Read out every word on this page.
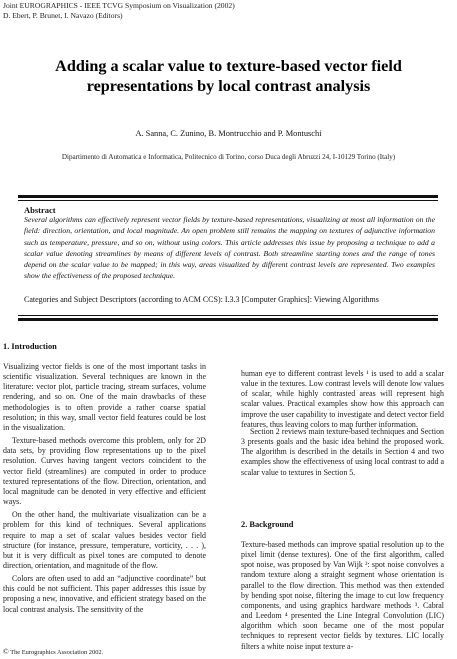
Joint EUROGRAPHICS - IEEE TCVG Symposium on Visualization (2002)
D. Ebert, P. Brunet, I. Navazo (Editors)
Adding a scalar value to texture-based vector field
representations by local contrast analysis
A. Sanna, C. Zunino, B. Montrucchio and P. Montuschi
Dipartimento di Automatica e Informatica, Politecnico di Torino, corso Duca degli Abruzzi 24, I-10129 Torino (Italy)
Abstract
Several algorithms can effectively represent vector fields by texture-based representations, visualizing at most all information on the field: direction, orientation, and local magnitude. An open problem still remains the mapping on textures of adjunctive information such as temperature, pressure, and so on, without using colors. This article addresses this issue by proposing a technique to add a scalar value denoting streamlines by means of different levels of contrast. Both streamline starting tones and the range of tones depend on the scalar value to be mapped; in this way, areas visualized by different contrast levels are represented. Two examples show the effectiveness of the proposed technique.
Categories and Subject Descriptors (according to ACM CCS): I.3.3 [Computer Graphics]: Viewing Algorithms
1. Introduction

Visualizing vector fields is one of the most important tasks in scientific visualization. Several techniques are known in the literature: vector plot, particle tracing, stream surfaces, volume rendering, and so on. One of the main drawbacks of these methodologies is to often provide a rather coarse spatial resolution; in this way, small vector field features could be lost in the visualization.

Texture-based methods overcome this problem, only for 2D data sets, by providing flow representations up to the pixel resolution. Curves having tangent vectors coincident to the vector field (streamlines) are computed in order to produce textured representations of the flow. Direction, orientation, and local magnitude can be denoted in very effective and efficient ways.

On the other hand, the multivariate visualization can be a problem for this kind of techniques. Several applications require to map a set of scalar values besides vector field structure (for instance, pressure, temperature, vorticity, . . . ), but it is very difficult as pixel tones are computed to denote direction, orientation, and magnitude of the flow.

Colors are often used to add an “adjunctive coordinate” but this could be not sufficient. This paper addresses this issue by proposing a new, innovative, and efficient strategy based on the local contrast analysis. The sensitivity of the

human eye to different contrast levels ¹ is used to add a scalar value in the textures. Low contrast levels will denote low values of scalar, while highly contrasted areas will represent high scalar values. Practical examples show how this approach can improve the user capability to investigate and detect vector field features, thus leaving colors to map further information.

Section 2 reviews main texture-based techniques and Section 3 presents goals and the basic idea behind the proposed work. The algorithm is described in the details in Section 4 and two examples show the effectiveness of using local contrast to add a scalar value to textures in Section 5.

2. Background

Texture-based methods can improve spatial resolution up to the pixel limit (dense textures). One of the first algorithm, called spot noise, was proposed by Van Wijk ²: spot noise convolves a random texture along a straight segment whose orientation is parallel to the flow direction. This method was then extended by bending spot noise, filtering the image to cut low frequency components, and using graphics hardware methods ³. Cabral and Leedom ⁴ presented the Line Integral Convolution (LIC) algorithm which soon became one of the most popular techniques to represent vector fields by textures. LIC locally filters a white noise input texture a-

© The Eurographics Association 2002.
